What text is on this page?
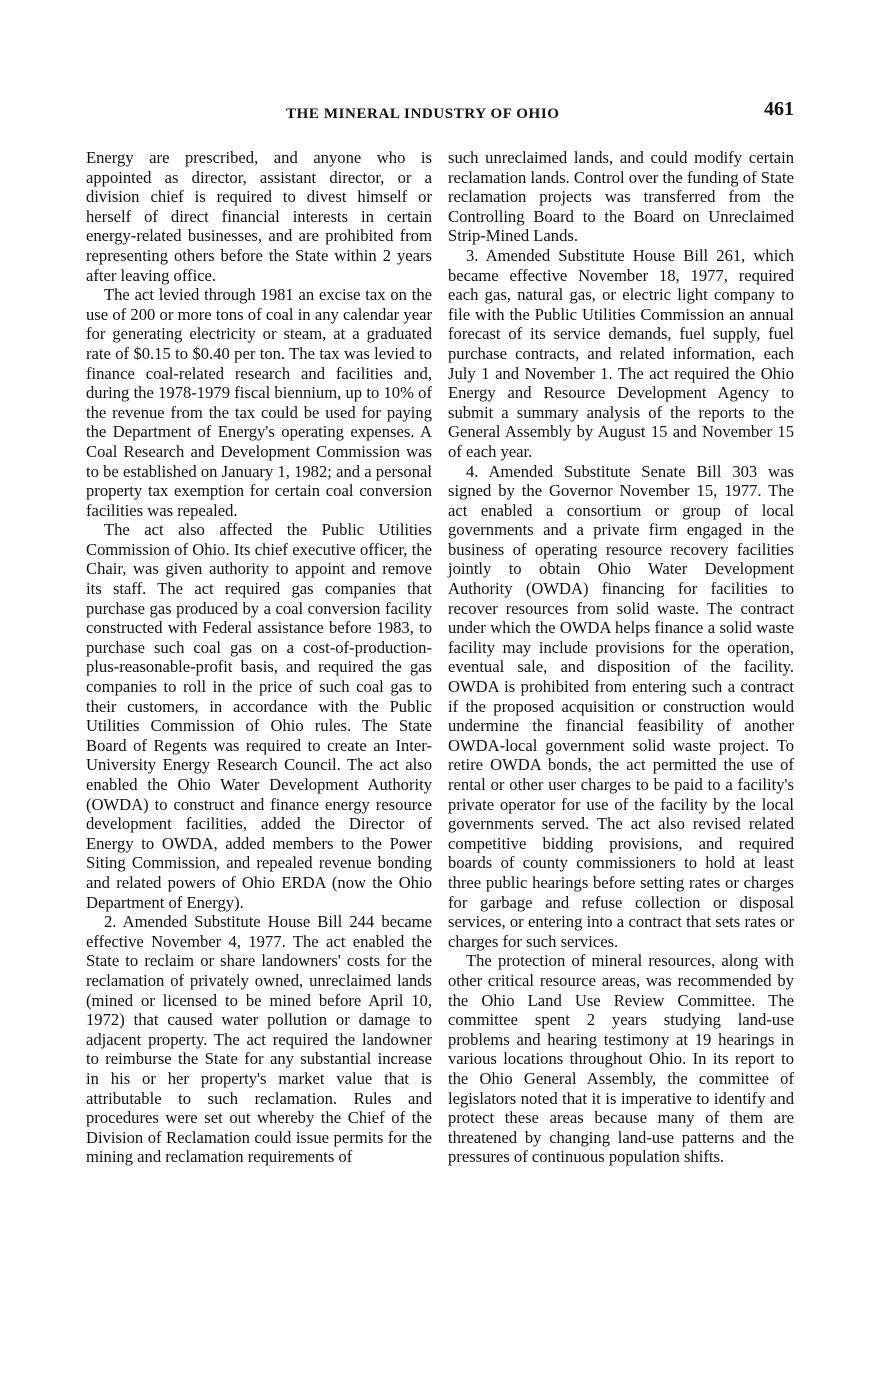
THE MINERAL INDUSTRY OF OHIO	461

Energy are prescribed, and anyone who is appointed as director, assistant director, or a division chief is required to divest himself or herself of direct financial interests in certain energy-related businesses, and are prohibited from representing others before the State within 2 years after leaving office.

The act levied through 1981 an excise tax on the use of 200 or more tons of coal in any calendar year for generating electricity or steam, at a graduated rate of $0.15 to $0.40 per ton. The tax was levied to finance coal-related research and facilities and, during the 1978-1979 fiscal biennium, up to 10% of the revenue from the tax could be used for paying the Department of Energy's operating expenses. A Coal Research and Development Commission was to be established on January 1, 1982; and a personal property tax exemption for certain coal conversion facilities was repealed.

The act also affected the Public Utilities Commission of Ohio. Its chief executive officer, the Chair, was given authority to appoint and remove its staff. The act required gas companies that purchase gas produced by a coal conversion facility constructed with Federal assistance before 1983, to purchase such coal gas on a cost-of-production-plus-reasonable-profit basis, and required the gas companies to roll in the price of such coal gas to their customers, in accordance with the Public Utilities Commission of Ohio rules. The State Board of Regents was required to create an Inter-University Energy Research Council. The act also enabled the Ohio Water Development Authority (OWDA) to construct and finance energy resource development facilities, added the Director of Energy to OWDA, added members to the Power Siting Commission, and repealed revenue bonding and related powers of Ohio ERDA (now the Ohio Department of Energy).

2. Amended Substitute House Bill 244 became effective November 4, 1977. The act enabled the State to reclaim or share landowners' costs for the reclamation of privately owned, unreclaimed lands (mined or licensed to be mined before April 10, 1972) that caused water pollution or damage to adjacent property. The act required the landowner to reimburse the State for any substantial increase in his or her property's market value that is attributable to such reclamation. Rules and procedures were set out whereby the Chief of the Division of Reclamation could issue permits for the mining and reclamation requirements of

such unreclaimed lands, and could modify certain reclamation lands. Control over the funding of State reclamation projects was transferred from the Controlling Board to the Board on Unreclaimed Strip-Mined Lands.

3. Amended Substitute House Bill 261, which became effective November 18, 1977, required each gas, natural gas, or electric light company to file with the Public Utilities Commission an annual forecast of its service demands, fuel supply, fuel purchase contracts, and related information, each July 1 and November 1. The act required the Ohio Energy and Resource Development Agency to submit a summary analysis of the reports to the General Assembly by August 15 and November 15 of each year.

4. Amended Substitute Senate Bill 303 was signed by the Governor November 15, 1977. The act enabled a consortium or group of local governments and a private firm engaged in the business of operating resource recovery facilities jointly to obtain Ohio Water Development Authority (OWDA) financing for facilities to recover resources from solid waste. The contract under which the OWDA helps finance a solid waste facility may include provisions for the operation, eventual sale, and disposition of the facility. OWDA is prohibited from entering such a contract if the proposed acquisition or construction would undermine the financial feasibility of another OWDA-local government solid waste project. To retire OWDA bonds, the act permitted the use of rental or other user charges to be paid to a facility's private operator for use of the facility by the local governments served. The act also revised related competitive bidding provisions, and required boards of county commissioners to hold at least three public hearings before setting rates or charges for garbage and refuse collection or disposal services, or entering into a contract that sets rates or charges for such services.

The protection of mineral resources, along with other critical resource areas, was recommended by the Ohio Land Use Review Committee. The committee spent 2 years studying land-use problems and hearing testimony at 19 hearings in various locations throughout Ohio. In its report to the Ohio General Assembly, the committee of legislators noted that it is imperative to identify and protect these areas because many of them are threatened by changing land-use patterns and the pressures of continuous population shifts.
